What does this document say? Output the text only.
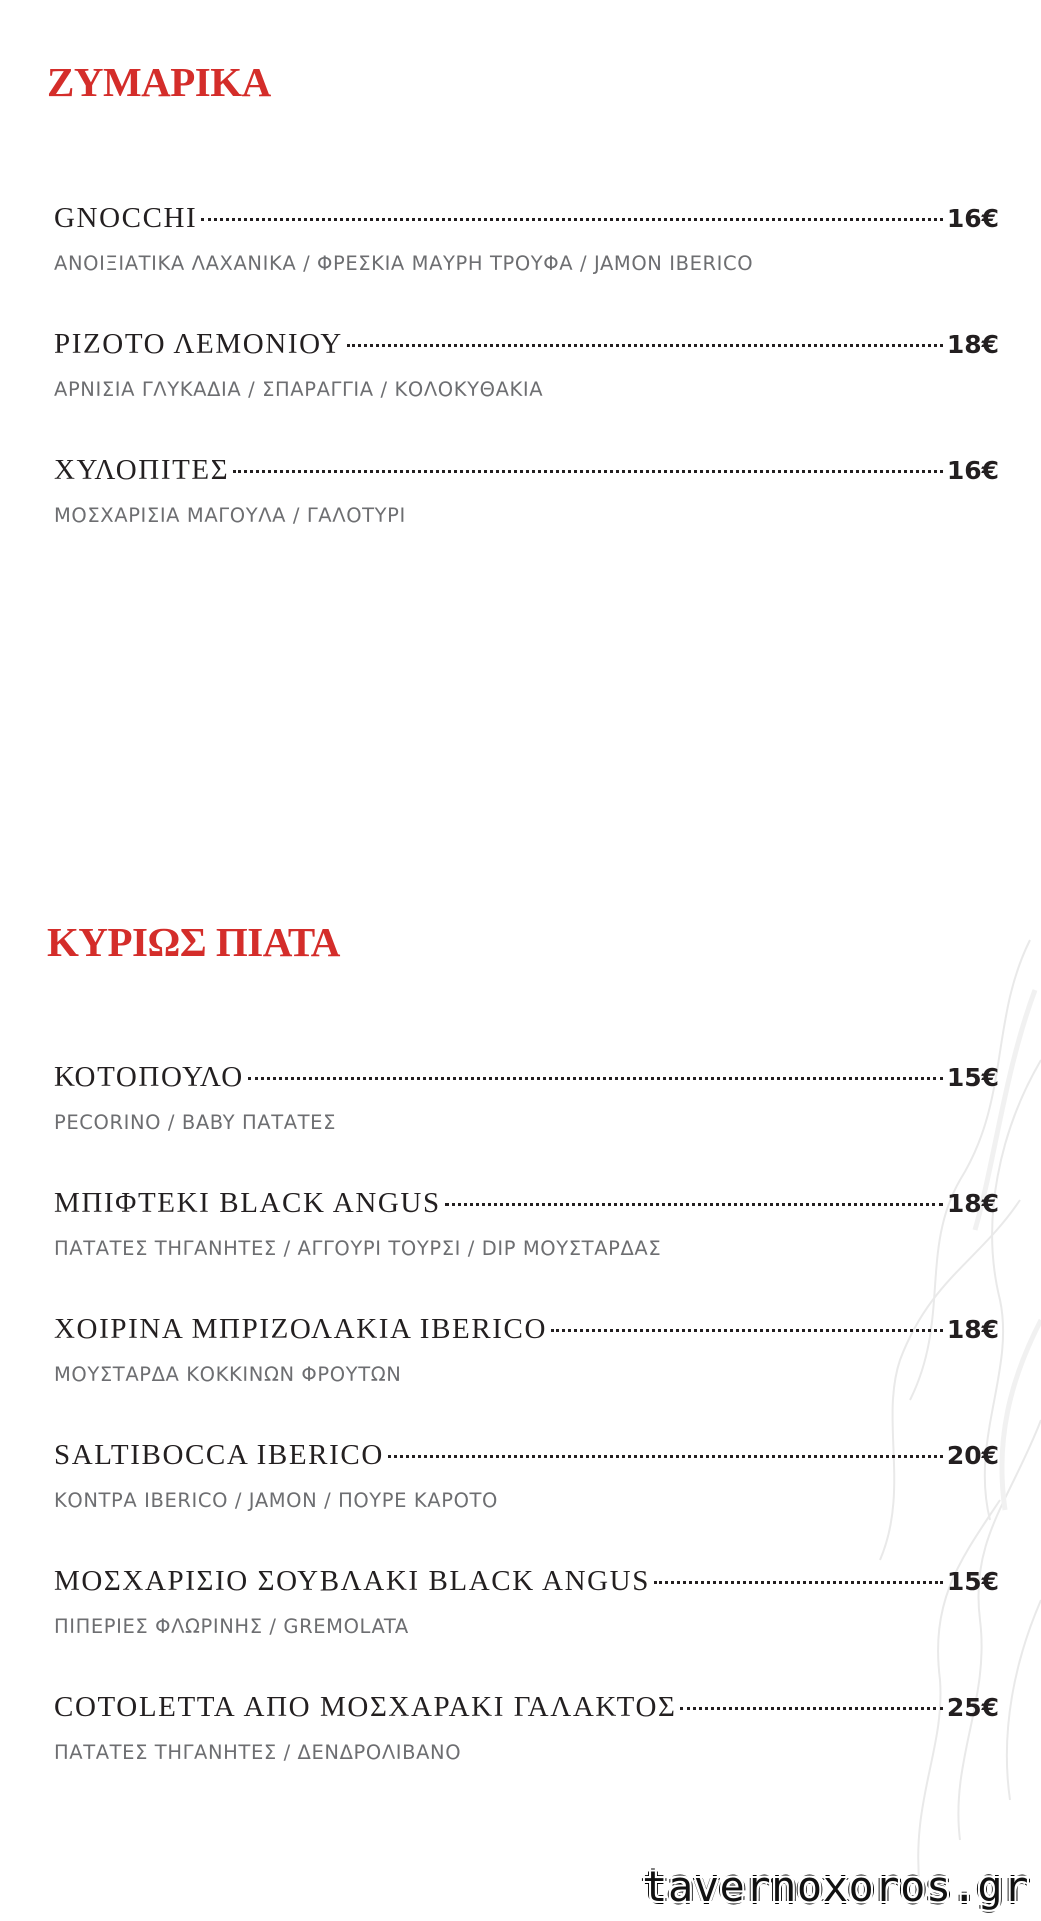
ΖΥΜΑΡΙΚΑ
GNOCCHI	16€
ΑΝΟΙΞΙΑΤΙΚΑ ΛΑΧΑΝΙΚΑ / ΦΡΕΣΚΙΑ ΜΑΥΡΗ ΤΡΟΥΦΑ / JAMON IBERICO
ΡΙΖΟΤΟ ΛΕΜΟΝΙΟΥ	18€
ΑΡΝΙΣΙΑ ΓΛΥΚΑΔΙΑ / ΣΠΑΡΑΓΓΙΑ / ΚΟΛΟΚΥΘΑΚΙΑ
ΧΥΛΟΠΙΤΕΣ	16€
ΜΟΣΧΑΡΙΣΙΑ ΜΑΓΟΥΛΑ / ΓΑΛΟΤΥΡΙ
ΚΥΡΙΩΣ ΠΙΑΤΑ
ΚΟΤΟΠΟΥΛΟ	15€
PECORINO / BABY ΠΑΤΑΤΕΣ
ΜΠΙΦΤΕΚΙ BLACK ANGUS	18€
ΠΑΤΑΤΕΣ ΤΗΓΑΝΗΤΕΣ / ΑΓΓΟΥΡΙ ΤΟΥΡΣΙ / DIP ΜΟΥΣΤΑΡΔΑΣ
ΧΟΙΡΙΝΑ ΜΠΡΙΖΟΛΑΚΙΑ IBERICO	18€
ΜΟΥΣΤΑΡΔΑ ΚΟΚΚΙΝΩΝ ΦΡΟΥΤΩΝ
SALTIBOCCA IBERICO	20€
ΚΟΝΤΡΑ IBERICO / JAMON / ΠΟΥΡΕ ΚΑΡΟΤΟ
ΜΟΣΧΑΡΙΣΙΟ ΣΟΥΒΛΑΚΙ BLACK ANGUS	15€
ΠΙΠΕΡΙΕΣ ΦΛΩΡΙΝΗΣ / GREMOLATA
COTOLETTA ΑΠΟ ΜΟΣΧΑΡΑΚΙ ΓΑΛΑΚΤΟΣ	25€
ΠΑΤΑΤΕΣ ΤΗΓΑΝΗΤΕΣ / ΔΕΝΔΡΟΛΙΒΑΝΟ
tavernoxoros.gr
